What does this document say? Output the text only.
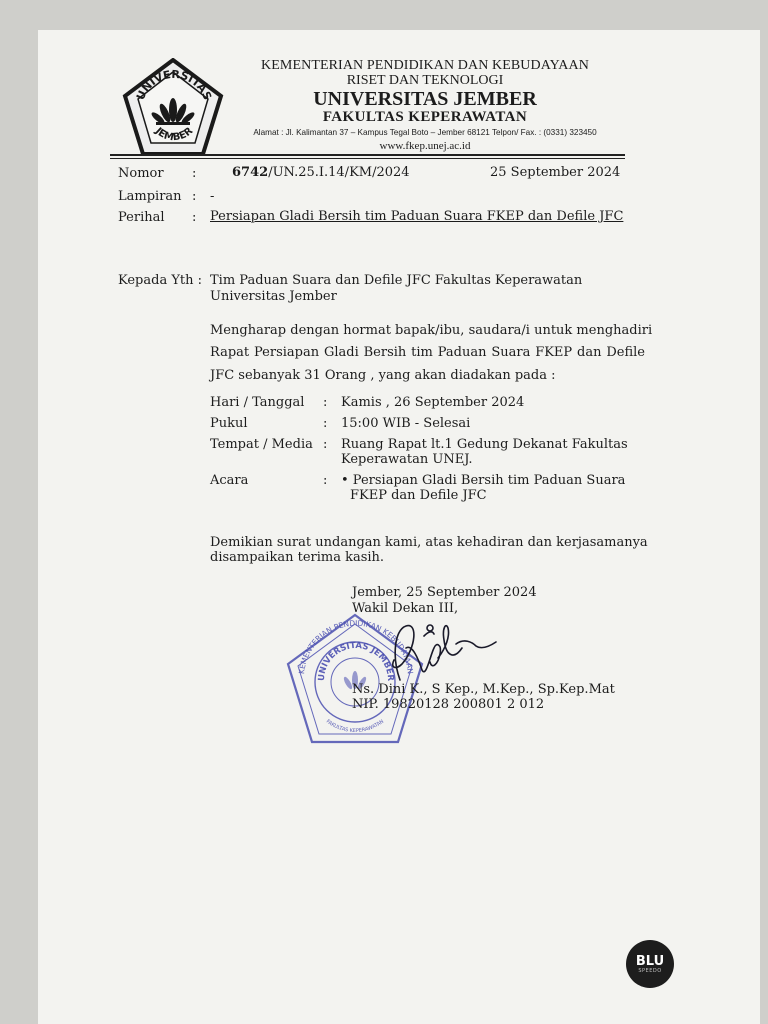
UNIVERSITAS
JEMBER
KEMENTERIAN PENDIDIKAN DAN KEBUDAYAAN
RISET DAN TEKNOLOGI
UNIVERSITAS JEMBER
FAKULTAS KEPERAWATAN
Alamat : Jl. Kalimantan 37 – Kampus Tegal Boto – Jember 68121 Telpon/ Fax. : (0331) 323450
www.fkep.unej.ac.id
Nomor :	6742/UN.25.I.14/KM/2024	25 September 2024
Lampiran : -
Perihal : Persiapan Gladi Bersih tim Paduan Suara FKEP dan Defile JFC
Kepada Yth : Tim Paduan Suara dan Defile JFC Fakultas Keperawatan
Universitas Jember
Mengharap dengan hormat bapak/ibu, saudara/i untuk menghadiri
Rapat Persiapan Gladi Bersih tim Paduan Suara FKEP dan Defile
JFC sebanyak 31 Orang , yang akan diadakan pada :
Hari / Tanggal : Kamis , 26 September 2024
Pukul	: 15:00 WIB - Selesai
Tempat / Media : Ruang Rapat lt.1 Gedung Dekanat Fakultas
Keperawatan UNEJ.
Acara	: • Persiapan Gladi Bersih tim Paduan Suara
FKEP dan Defile JFC
Demikian surat undangan kami, atas kehadiran dan kerjasamanya
disampaikan terima kasih.
Jember, 25 September 2024
Wakil Dekan III,
KEMENTERIAN PENDIDIKAN KEBUDAYAAN
UNIVERSITAS JEMBER
FAKULTAS KEPERAWATAN
Ns. Dini K., S Kep., M.Kep., Sp.Kep.Mat
NIP. 19820128 200801 2 012
BLU
SPEEDO
